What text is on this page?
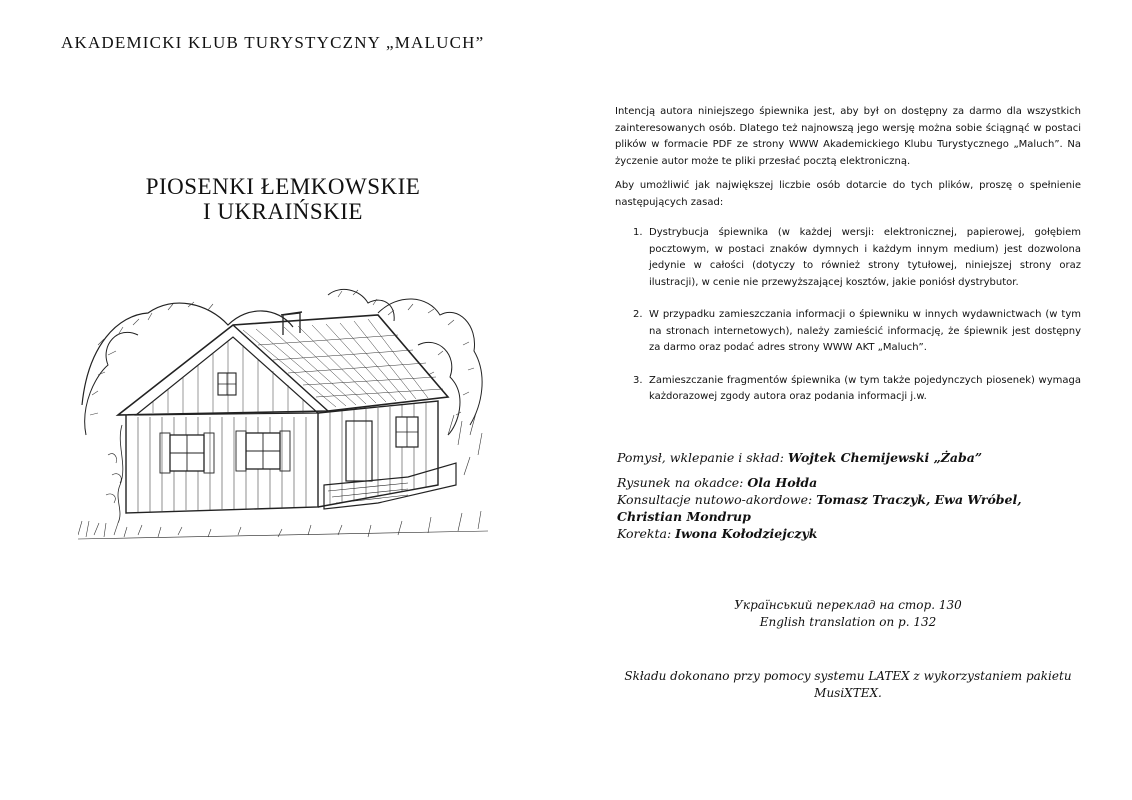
AKADEMICKI KLUB TURYSTYCZNY „MALUCH”
PIOSENKI ŁEMKOWSKIE
I UKRAIŃSKIE

Intencją autora niniejszego śpiewnika jest, aby był on dostępny za darmo dla wszystkich zainteresowanych osób. Dlatego też najnowszą jego wersję można sobie ściągnąć w postaci plików w formacie PDF ze strony WWW Akademickiego Klubu Turystycznego „Maluch”. Na życzenie autor może te pliki przesłać pocztą elektroniczną.

Aby umożliwić jak największej liczbie osób dotarcie do tych plików, proszę o spełnienie następujących zasad:

1. Dystrybucja śpiewnika (w każdej wersji: elektronicznej, papierowej, gołębiem pocztowym, w postaci znaków dymnych i każdym innym medium) jest dozwolona jedynie w całości (dotyczy to również strony tytułowej, niniejszej strony oraz ilustracji), w cenie nie przewyższającej kosztów, jakie poniósł dystrybutor.
2. W przypadku zamieszczania informacji o śpiewniku w innych wydawnictwach (w tym na stronach internetowych), należy zamieścić informację, że śpiewnik jest dostępny za darmo oraz podać adres strony WWW AKT „Maluch”.
3. Zamieszczanie fragmentów śpiewnika (w tym także pojedynczych piosenek) wymaga każdorazowej zgody autora oraz podania informacji j.w.
Pomysł, wklepanie i skład: Wojtek Chemijewski „Żaba”
Rysunek na okadce: Ola Hołda
Konsultacje nutowo-akordowe: Tomasz Traczyk, Ewa Wróbel, Christian Mondrup
Korekta: Iwona Kołodziejczyk
Український переклад на стор. 130
English translation on p. 132
Składu dokonano przy pomocy systemu LATEX z wykorzystaniem pakietu MusiXTEX.
